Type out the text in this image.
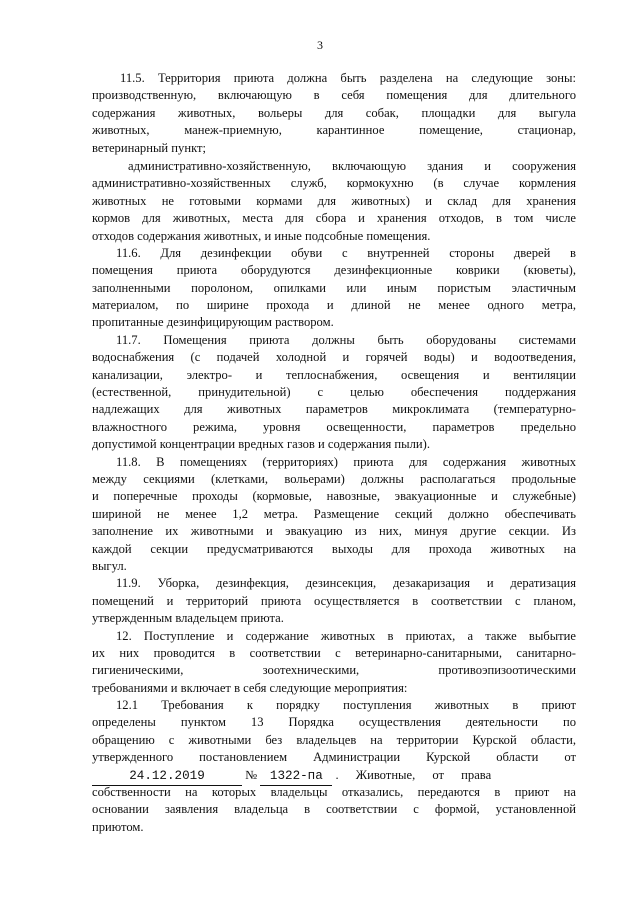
3
11.5. Территория приюта должна быть разделена на следующие зоны:
производственную, включающую в себя помещения для длительного
содержания животных, вольеры для собак, площадки для выгула
животных, манеж-приемную, карантинное помещение, стационар,
ветеринарный пункт;
административно-хозяйственную, включающую здания и сооружения
административно-хозяйственных служб, кормокухню (в случае кормления
животных не готовыми кормами для животных) и склад для хранения
кормов для животных, места для сбора и хранения отходов, в том числе
отходов содержания животных, и иные подсобные помещения.
11.6. Для дезинфекции обуви с внутренней стороны дверей в
помещения приюта оборудуются дезинфекционные коврики (кюветы),
заполненными поролоном, опилками или иным пористым эластичным
материалом, по ширине прохода и длиной не менее одного метра,
пропитанные дезинфицирующим раствором.
11.7. Помещения приюта должны быть оборудованы системами
водоснабжения (с подачей холодной и горячей воды) и водоотведения,
канализации, электро- и теплоснабжения, освещения и вентиляции
(естественной, принудительной) с целью обеспечения поддержания
надлежащих для животных параметров микроклимата (температурно-
влажностного режима, уровня освещенности, параметров предельно
допустимой концентрации вредных газов и содержания пыли).
11.8. В помещениях (территориях) приюта для содержания животных
между секциями (клетками, вольерами) должны располагаться продольные
и поперечные проходы (кормовые, навозные, эвакуационные и служебные)
шириной не менее 1,2 метра. Размещение секций должно обеспечивать
заполнение их животными и эвакуацию из них, минуя другие секции. Из
каждой секции предусматриваются выходы для прохода животных на
выгул.
11.9. Уборка, дезинфекция, дезинсекция, дезакаризация и дератизация
помещений и территорий приюта осуществляется в соответствии с планом,
утвержденным владельцем приюта.
12. Поступление и содержание животных в приютах, а также выбытие
их них проводится в соответствии с ветеринарно-санитарными, санитарно-
гигиеническими, зоотехническими, противоэпизоотическими
требованиями и включает в себя следующие мероприятия:
12.1 Требования к порядку поступления животных в приют
определены пунктом 13 Порядка осуществления деятельности по
обращению с животными без владельцев на территории Курской области,
утвержденного постановлением Администрации Курской области от
24.12.2019	№ 1322-па . Животные, от права
собственности на которых владельцы отказались, передаются в приют на
основании заявления владельца в соответствии с формой, установленной
приютом.
